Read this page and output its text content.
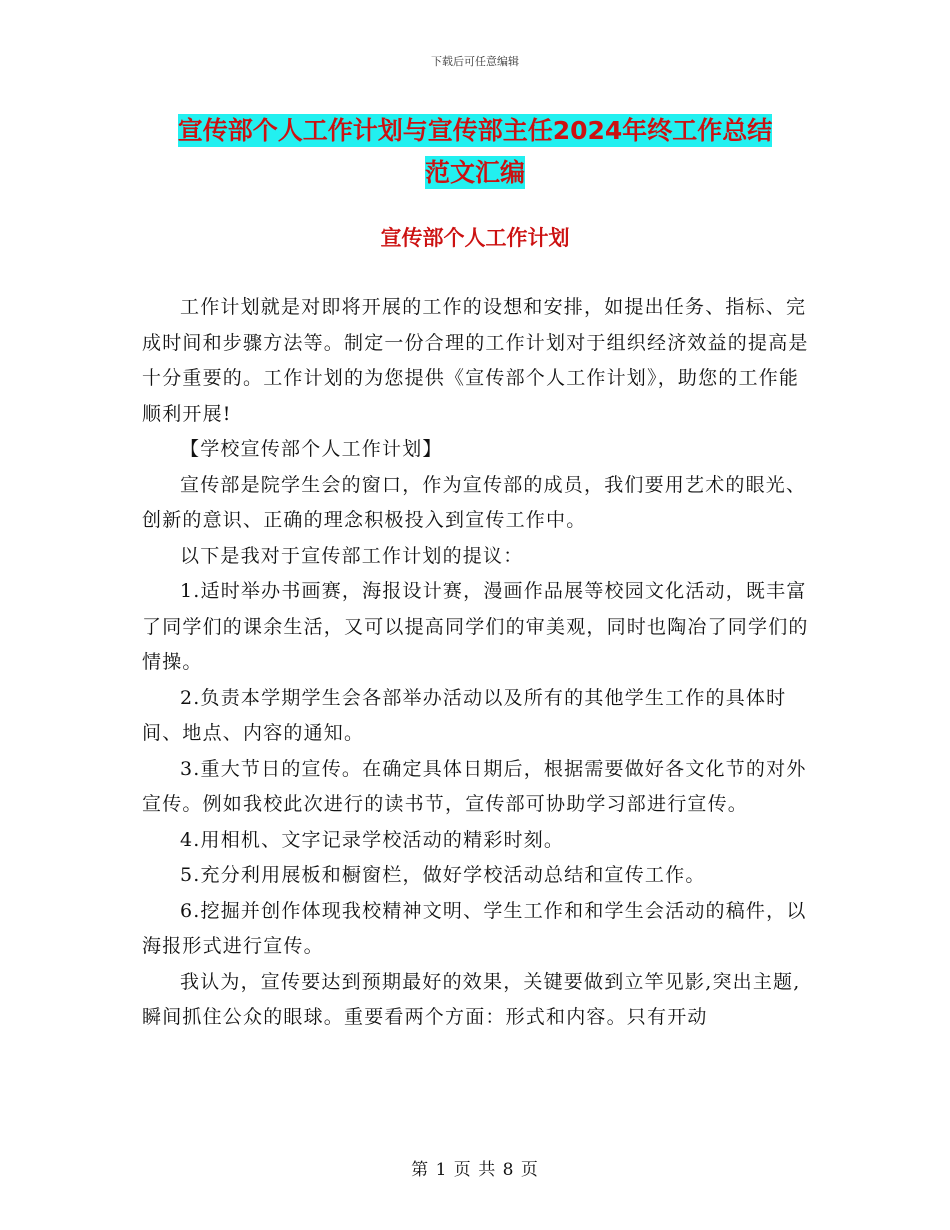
下载后可任意编辑
宣传部个人工作计划与宣传部主任2024年终工作总结
范文汇编
宣传部个人工作计划

工作计划就是对即将开展的工作的设想和安排，如提出任务、指标、完成时间和步骤方法等。制定一份合理的工作计划对于组织经济效益的提高是十分重要的。工作计划的为您提供《宣传部个人工作计划》，助您的工作能顺利开展!

【学校宣传部个人工作计划】

宣传部是院学生会的窗口，作为宣传部的成员，我们要用艺术的眼光、创新的意识、正确的理念积极投入到宣传工作中。

以下是我对于宣传部工作计划的提议：

1.适时举办书画赛，海报设计赛，漫画作品展等校园文化活动，既丰富了同学们的课余生活，又可以提高同学们的审美观，同时也陶冶了同学们的情操。

2.负责本学期学生会各部举办活动以及所有的其他学生工作的具体时间、地点、内容的通知。

3.重大节日的宣传。在确定具体日期后，根据需要做好各文化节的对外宣传。例如我校此次进行的读书节，宣传部可协助学习部进行宣传。

4.用相机、文字记录学校活动的精彩时刻。

5.充分利用展板和橱窗栏，做好学校活动总结和宣传工作。

6.挖掘并创作体现我校精神文明、学生工作和和学生会活动的稿件，以海报形式进行宣传。

我认为，宣传要达到预期最好的效果，关键要做到立竿见影,突出主题,瞬间抓住公众的眼球。重要看两个方面：形式和内容。只有开动

第 1 页 共 8 页
